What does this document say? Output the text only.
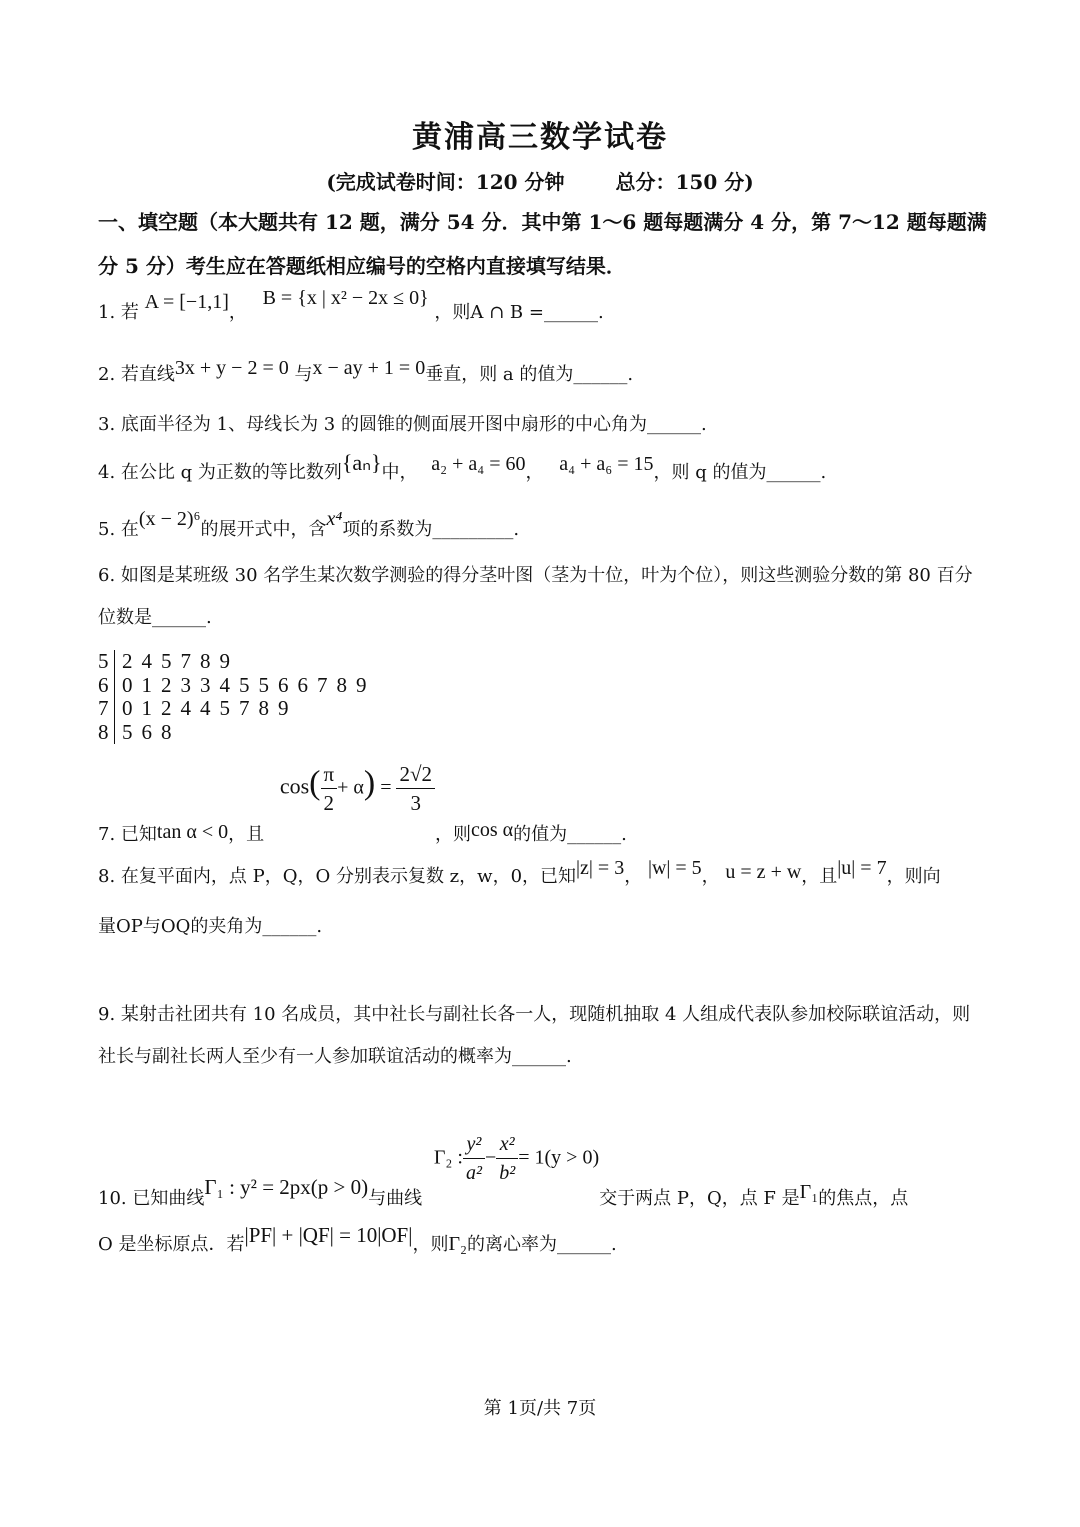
黄浦高三数学试卷
(完成试卷时间：120 分钟	总分：150 分)
一、填空题（本大题共有 12 题，满分 54 分．其中第 1～6 题每题满分 4 分，第 7～12 题每题满分 5 分）考生应在答题纸相应编号的空格内直接填写结果．
1. 若 A = [−1,1]， B = {x | x² − 2x ≤ 0} ，则A ∩ B =______.
2. 若直线3x + y − 2 = 0 与x − ay + 1 = 0垂直，则 a 的值为______.
3. 底面半径为 1、母线长为 3 的圆锥的侧面展开图中扇形的中心角为______.
4. 在公比 q 为正数的等比数列{aₙ}中， a₂ + a₄ = 60， a₄ + a₆ = 15，则 q 的值为______.
5. 在(x − 2)⁶的展开式中，含x⁴项的系数为_________.
6. 如图是某班级 30 名学生某次数学测验的得分茎叶图（茎为十位，叶为个位），则这些测验分数的第 80 百分位数是______.
5 245789
6 0123345566789
7 012445789
8 568
7. 已知tan α < 0，且 $\cos( \frac{\pi}{2} + \alpha) = \frac{2√2}{3}$
，则cos α的值为______.
8. 在复平面内，点 P，Q，O 分别表示复数 z，w，0，已知|z| = 3， |w| = 5， u = z + w，且|u| = 7，则向
量OP与OQ的夹角为______.
9. 某射击社团共有 10 名成员，其中社长与副社长各一人，现随机抽取 4 人组成代表队参加校际联谊活动，则社长与副社长两人至少有一人参加联谊活动的概率为______.
10. 已知曲线Γ₁ : y² = 2px(p > 0)与曲线 Γ₂ : $\frac{\text{y²}}{\text{a²}} - \frac{\text{x²}}{\text{b²}} = 1(y > 0)$交于两点 P，Q，点 F 是Γ₁的焦点，点
O 是坐标原点．若|PF| + |QF| = 10|OF|，则Γ₂的离心率为______.
第 1页/共 7页
